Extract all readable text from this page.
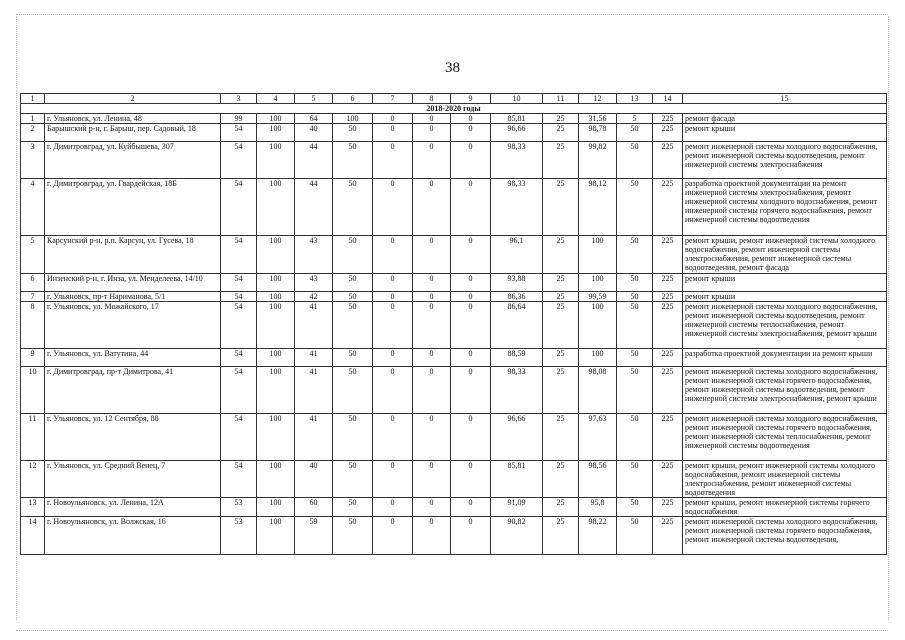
38
1	2	3	4	5	6	7	8	9	10	11	12	13	14	15
2018-2020 годы														
1	г. Ульяновск, ул. Ленина, 48	99	100	64	100	0	0	0	85,81	25	31,56	5	225	ремонт фасада
2	Барышский р-н, г. Барыш, пер. Садовый, 18	54	100	40	50	0	0	0	96,66	25	98,78	50	225	ремонт крыши
3	г. Димитровград, ул. Куйбышева, 307	54	100	44	50	0	0	0	98,33	25	99,82	50	225	ремонт инженерной системы холодного водоснабжения, ремонт инженерной системы водоотведения, ремонт инженерной системы электроснабжения
4	г. Димитровград, ул. Гвардейская, 18Б	54	100	44	50	0	0	0	98,33	25	98,12	50	225	разработка проектной документации на ремонт инженерной системы электроснабжения, ремонт инженерной системы холодного водоснабжения, ремонт инженерной системы горячего водоснабжения, ремонт инженерной системы водоотведения
5	Карсунский р-н, р.п. Карсун, ул. Гусева, 18	54	100	43	50	0	0	0	96,1	25	100	50	225	ремонт крыши, ремонт инженерной системы холодного водоснабжения, ремонт инженерной системы электроснабжения, ремонт инженерной системы водоотведения, ремонт фасада
6	Инзенский р-н, г. Инза, ул. Менделеева, 14/10	54	100	43	50	0	0	0	93,88	25	100	50	225	ремонт крыши
7	г. Ульяновск, пр-т Нариманова, 5/1	54	100	42	50	0	0	0	86,36	25	99,59	50	225	ремонт крыши
8	г. Ульяновск, ул. Можайского, 17	54	100	41	50	0	0	0	86,64	25	100	50	225	ремонт инженерной системы холодного водоснабжения, ремонт инженерной системы водоотведения, ремонт инженерной системы теплоснабжения, ремонт инженерной системы электроснабжения, ремонт крыши
9	г. Ульяновск, ул. Ватутина, 44	54	100	41	50	0	0	0	88,59	25	100	50	225	разработка проектной документации на ремонт крыши
10	г. Димитровград, пр-т Димитрова, 41	54	100	41	50	0	0	0	98,33	25	98,08	50	225	ремонт инженерной системы холодного водоснабжения, ремонт инженерной системы горячего водоснабжения, ремонт инженерной системы водоотведения, ремонт инженерной системы электроснабжения, ремонт крыши
11	г. Ульяновск, ул. 12 Сентября, 88	54	100	41	50	0	0	0	96,66	25	97,63	50	225	ремонт инженерной системы холодного водоснабжения, ремонт инженерной системы горячего водоснабжения, ремонт инженерной системы теплоснабжения, ремонт инженерной системы водоотведения
12	г. Ульяновск, ул. Средний Венец, 7	54	100	40	50	0	0	0	85,81	25	98,56	50	225	ремонт крыши, ремонт инженерной системы холодного водоснабжения, ремонт инженерной системы электроснабжения, ремонт инженерной системы водоотведения
13	г. Новоульяновск, ул. Ленина, 12А	53	100	60	50	0	0	0	91,09	25	95,8	50	225	ремонт крыши, ремонт инженерной системы горячего водоснабжения
14	г. Новоульяновск, ул. Волжская, 16	53	100	59	50	0	0	0	90,82	25	98,22	50	225	ремонт инженерной системы холодного водоснабжения, ремонт инженерной системы горячего водоснабжения, ремонт инженерной системы водоотведения,
